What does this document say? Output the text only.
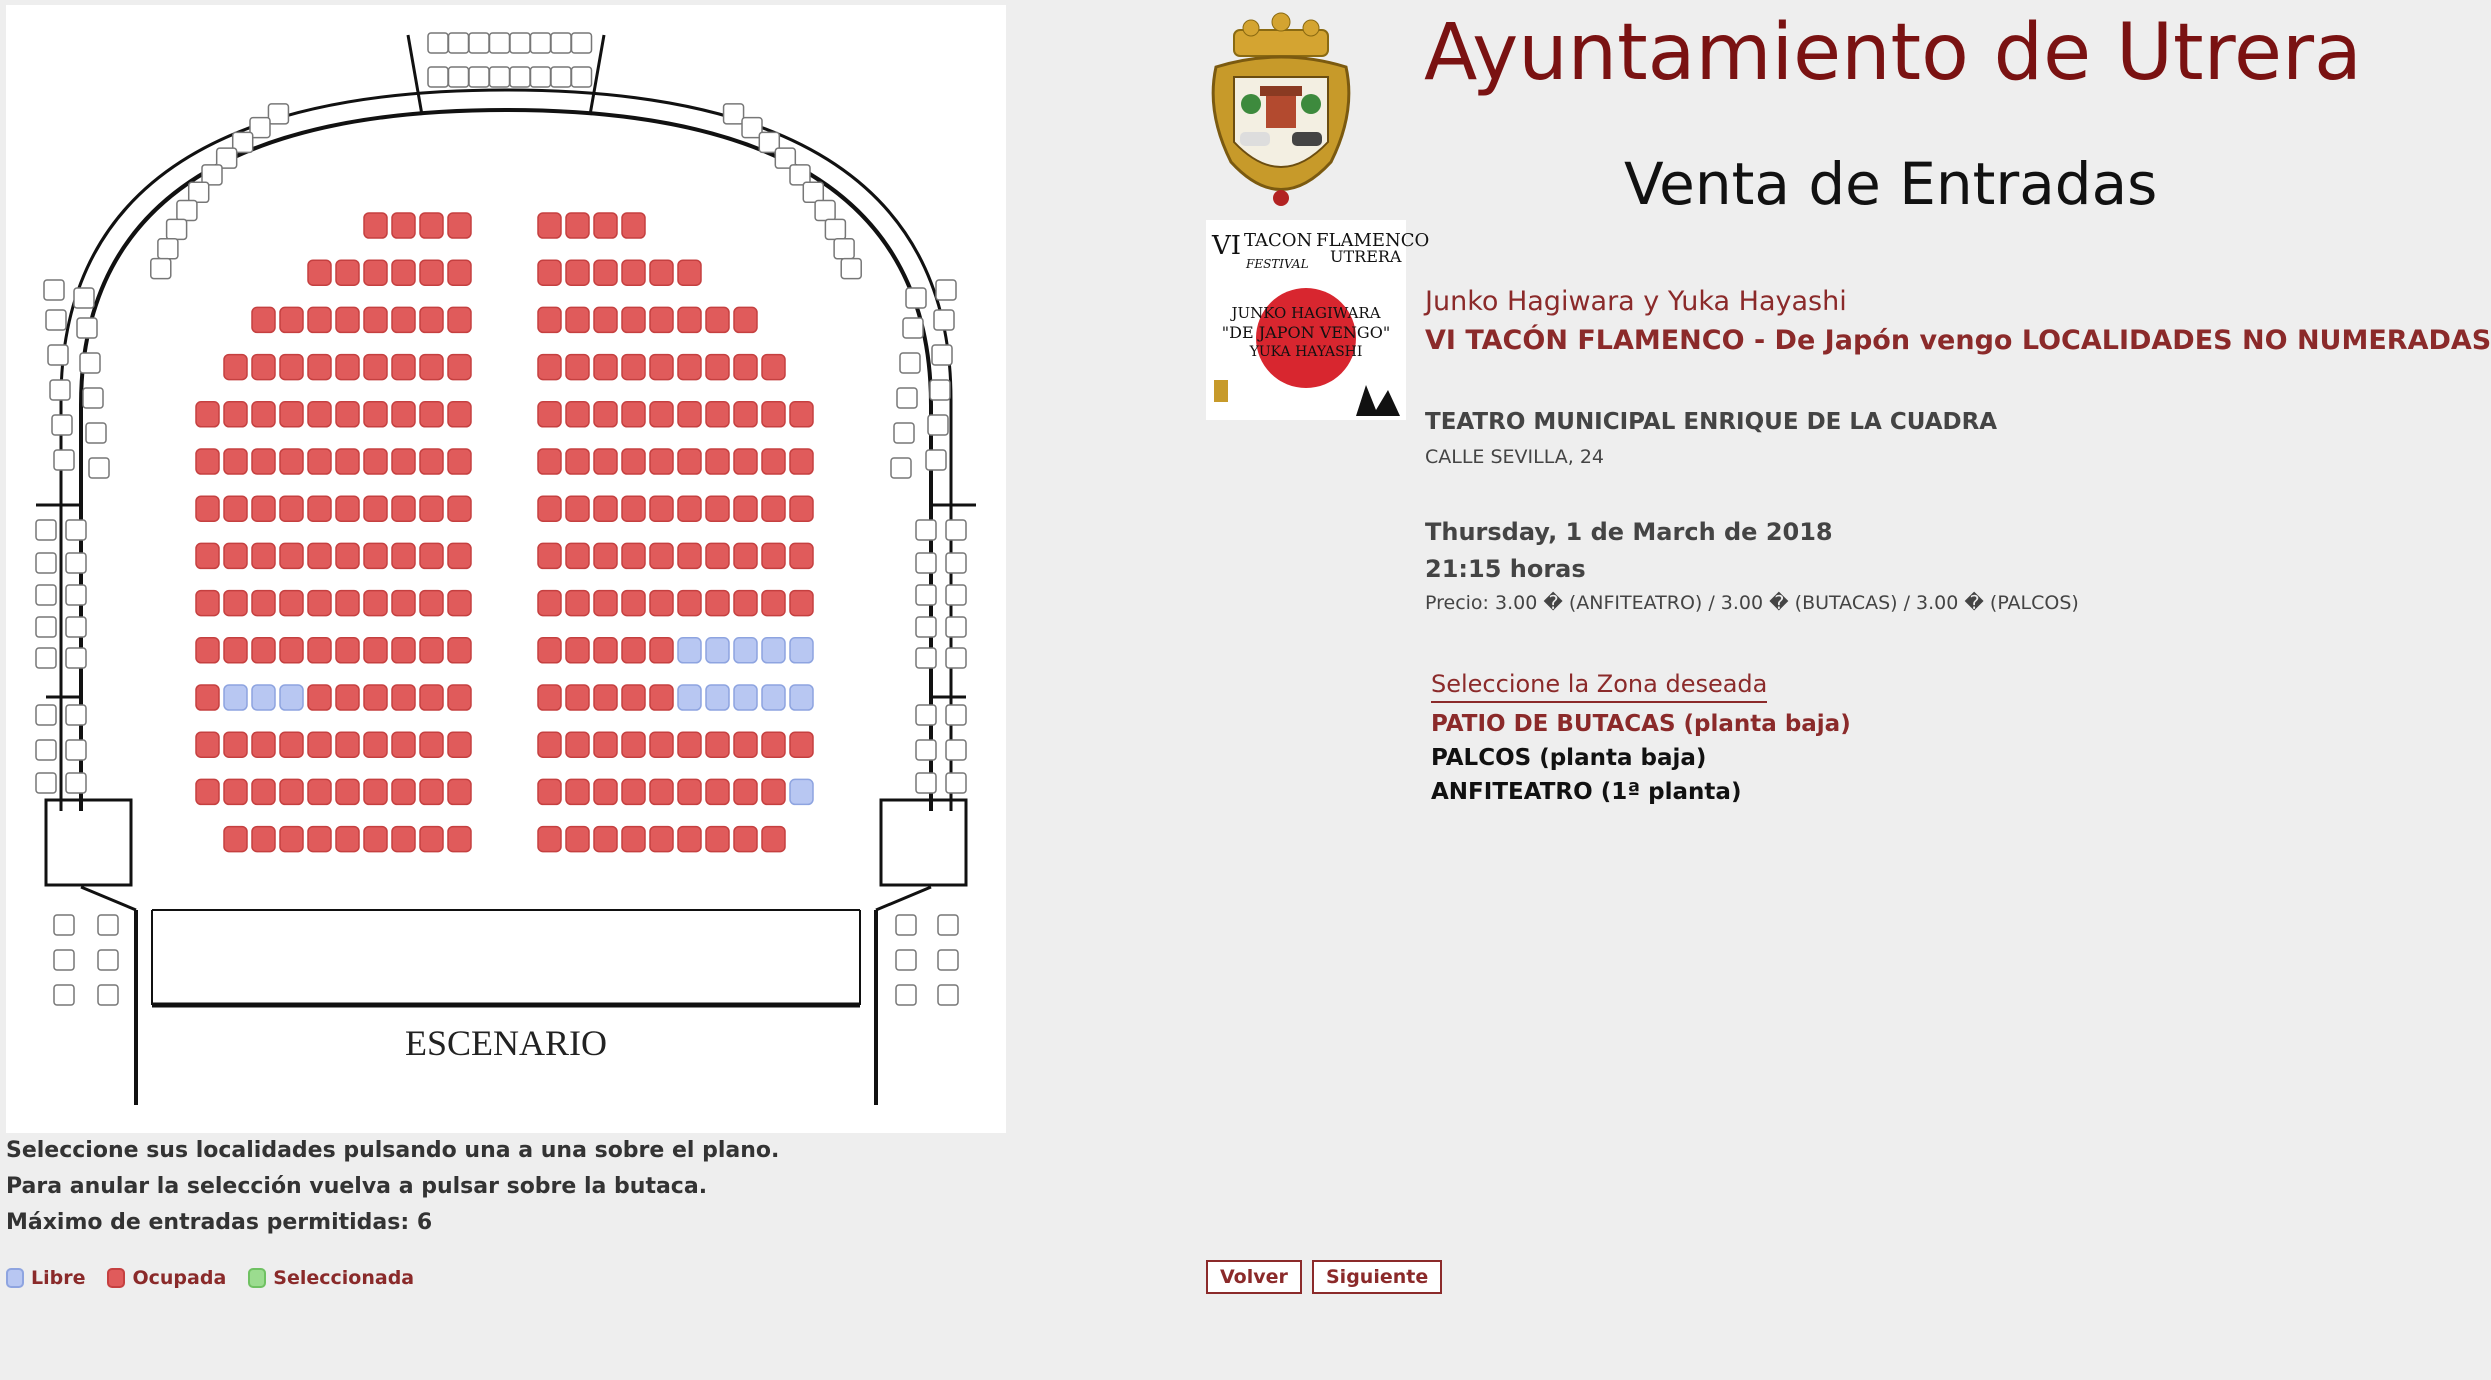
ESCENARIO
Seleccione sus localidades pulsando una a una sobre el plano.
Para anular la selección vuelva a pulsar sobre la butaca.
Máximo de entradas permitidas: 6
Libre Ocupada Seleccionada
VI TACON FLAMENCO
FESTIVAL UTRERA
JUNKO HAGIWARA
"DE JAPON VENGO"
YUKA HAYASHI
Ayuntamiento de Utrera
Venta de Entradas
Junko Hagiwara y Yuka Hayashi
VI TACÓN FLAMENCO - De Japón vengo LOCALIDADES NO NUMERADAS
TEATRO MUNICIPAL ENRIQUE DE LA CUADRA
CALLE SEVILLA, 24
Thursday, 1 de March de 2018
21:15 horas
Precio: 3.00 � (ANFITEATRO) / 3.00 � (BUTACAS) / 3.00 � (PALCOS)
Seleccione la Zona deseada
PATIO DE BUTACAS (planta baja)
PALCOS (planta baja)
ANFITEATRO (1ª planta)
Volver	Siguiente
